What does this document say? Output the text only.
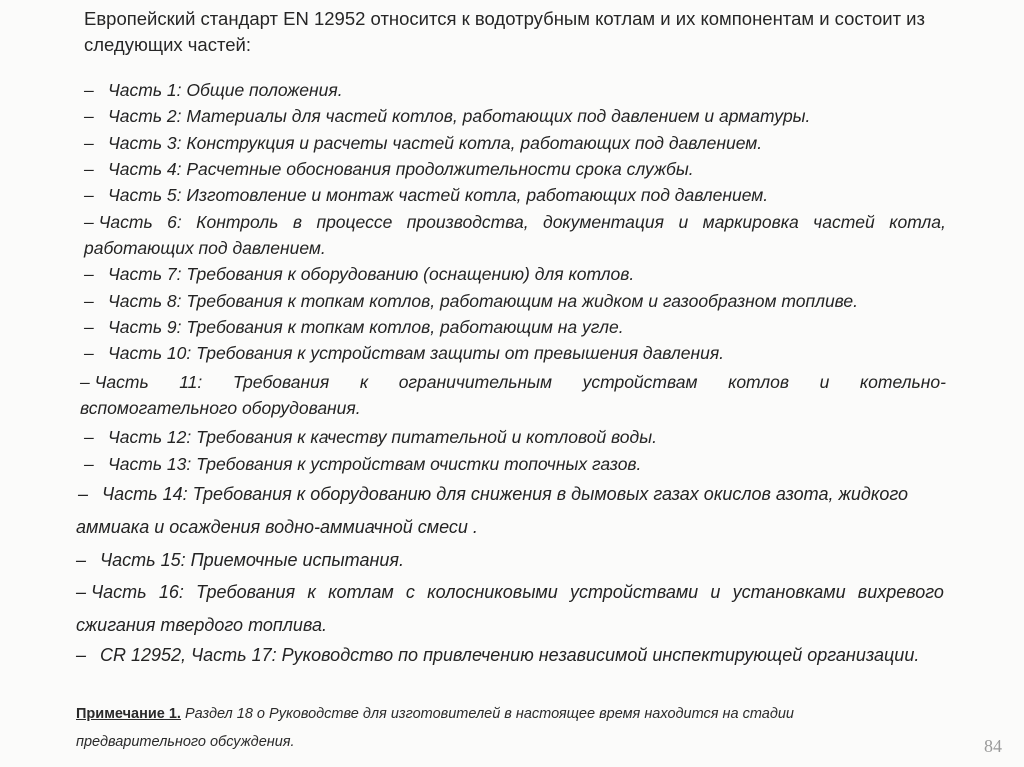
Европейский стандарт EN 12952 относится к водотрубным котлам и их компонентам и состоит из
следующих частей:
– Часть 1: Общие положения.
– Часть 2: Материалы для частей котлов, работающих под давлением и арматуры.
– Часть 3: Конструкция и расчеты частей котла, работающих под давлением.
– Часть 4: Расчетные обоснования продолжительности срока службы.
– Часть 5: Изготовление и монтаж частей котла, работающих под давлением.
– Часть 6: Контроль в процессе производства, документация и маркировка частей котла,
работающих под давлением.
– Часть 7: Требования к оборудованию (оснащению) для котлов.
– Часть 8: Требования к топкам котлов, работающим на жидком и газообразном топливе.
– Часть 9: Требования к топкам котлов, работающим на угле.
– Часть 10: Требования к устройствам защиты от превышения давления.
– Часть 11: Требования к ограничительным устройствам котлов и котельно-
вспомогательного оборудования.
– Часть 12: Требования к качеству питательной и котловой воды.
– Часть 13: Требования к устройствам очистки топочных газов.
– Часть 14: Требования к оборудованию для снижения в дымовых газах окислов азота, жидкого
аммиака и осаждения водно-аммиачной смеси .
– Часть 15: Приемочные испытания.
– Часть 16: Требования к котлам с колосниковыми устройствами и установками вихревого
сжигания твердого топлива.
– CR 12952, Часть 17: Руководство по привлечению независимой инспектирующей организации.
Примечание 1. Раздел 18 о Руководстве для изготовителей в настоящее время находится на стадии
предварительного обсуждения.	84
